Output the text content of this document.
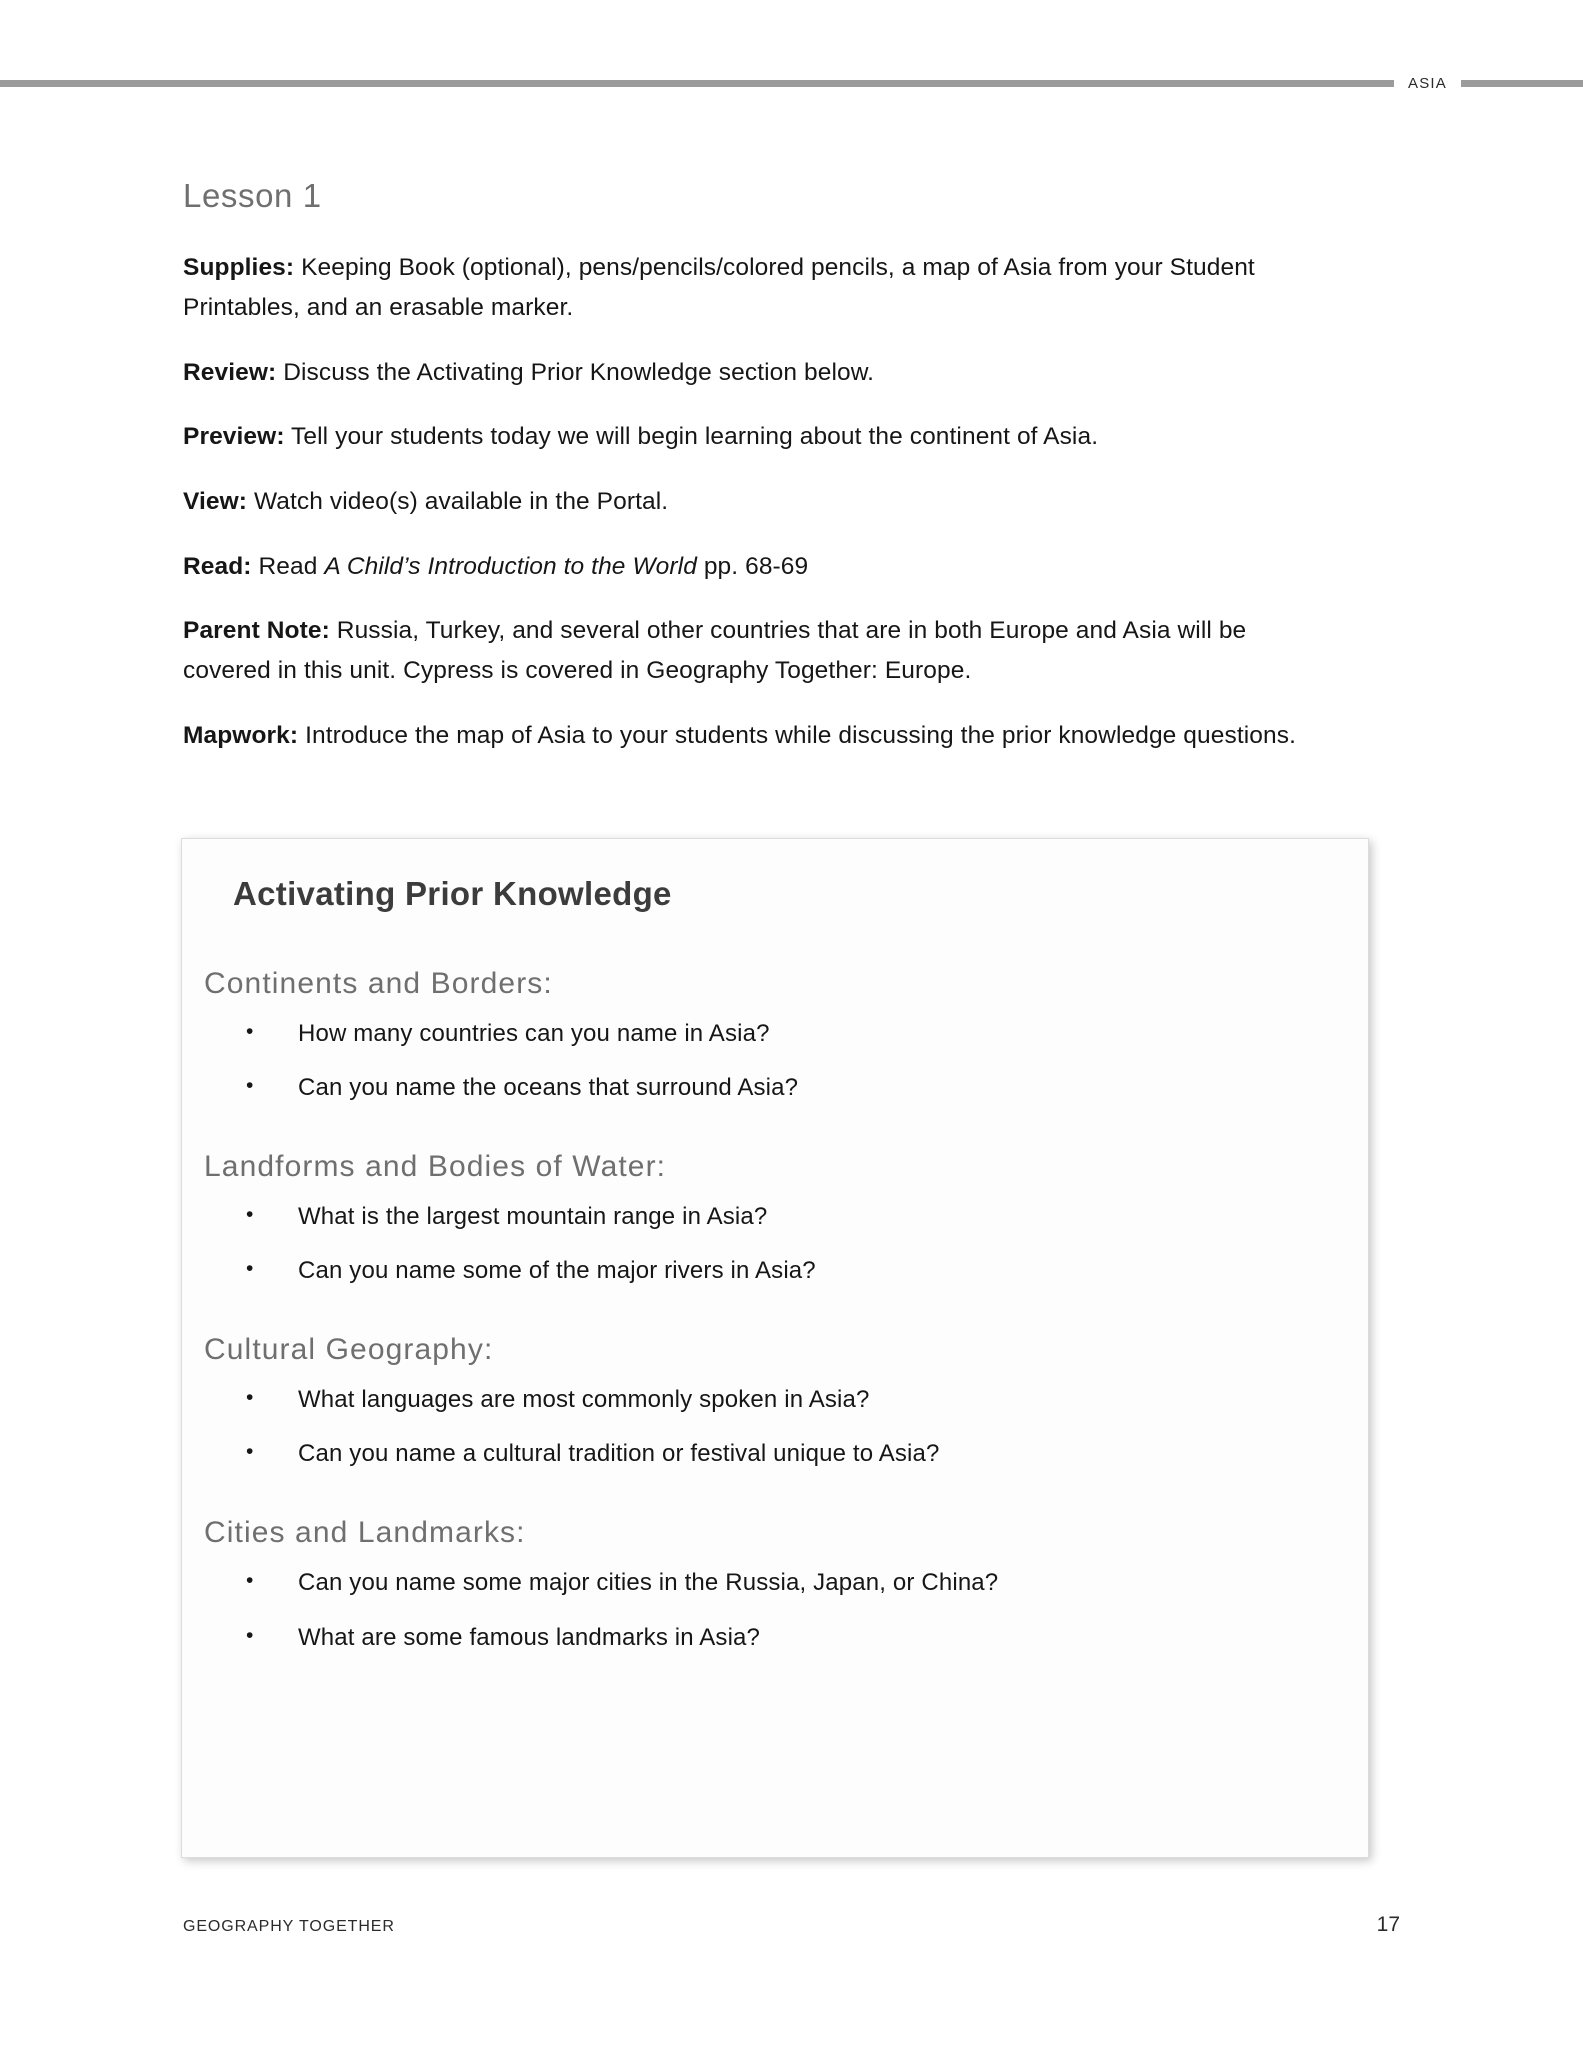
ASIA
Lesson 1

Supplies: Keeping Book (optional), pens/pencils/colored pencils, a map of Asia from your Student Printables, and an erasable marker.

Review: Discuss the Activating Prior Knowledge section below.

Preview: Tell your students today we will begin learning about the continent of Asia.

View: Watch video(s) available in the Portal.

Read: Read A Child’s Introduction to the World pp. 68-69

Parent Note: Russia, Turkey, and several other countries that are in both Europe and Asia will be covered in this unit. Cypress is covered in Geography Together: Europe.

Mapwork: Introduce the map of Asia to your students while discussing the prior knowledge questions.

Activating Prior Knowledge
Continents and Borders:
• How many countries can you name in Asia?
• Can you name the oceans that surround Asia?
Landforms and Bodies of Water:
• What is the largest mountain range in Asia?
• Can you name some of the major rivers in Asia?
Cultural Geography:
• What languages are most commonly spoken in Asia?
• Can you name a cultural tradition or festival unique to Asia?
Cities and Landmarks:
• Can you name some major cities in the Russia, Japan, or China?
• What are some famous landmarks in Asia?
GEOGRAPHY TOGETHER	17
